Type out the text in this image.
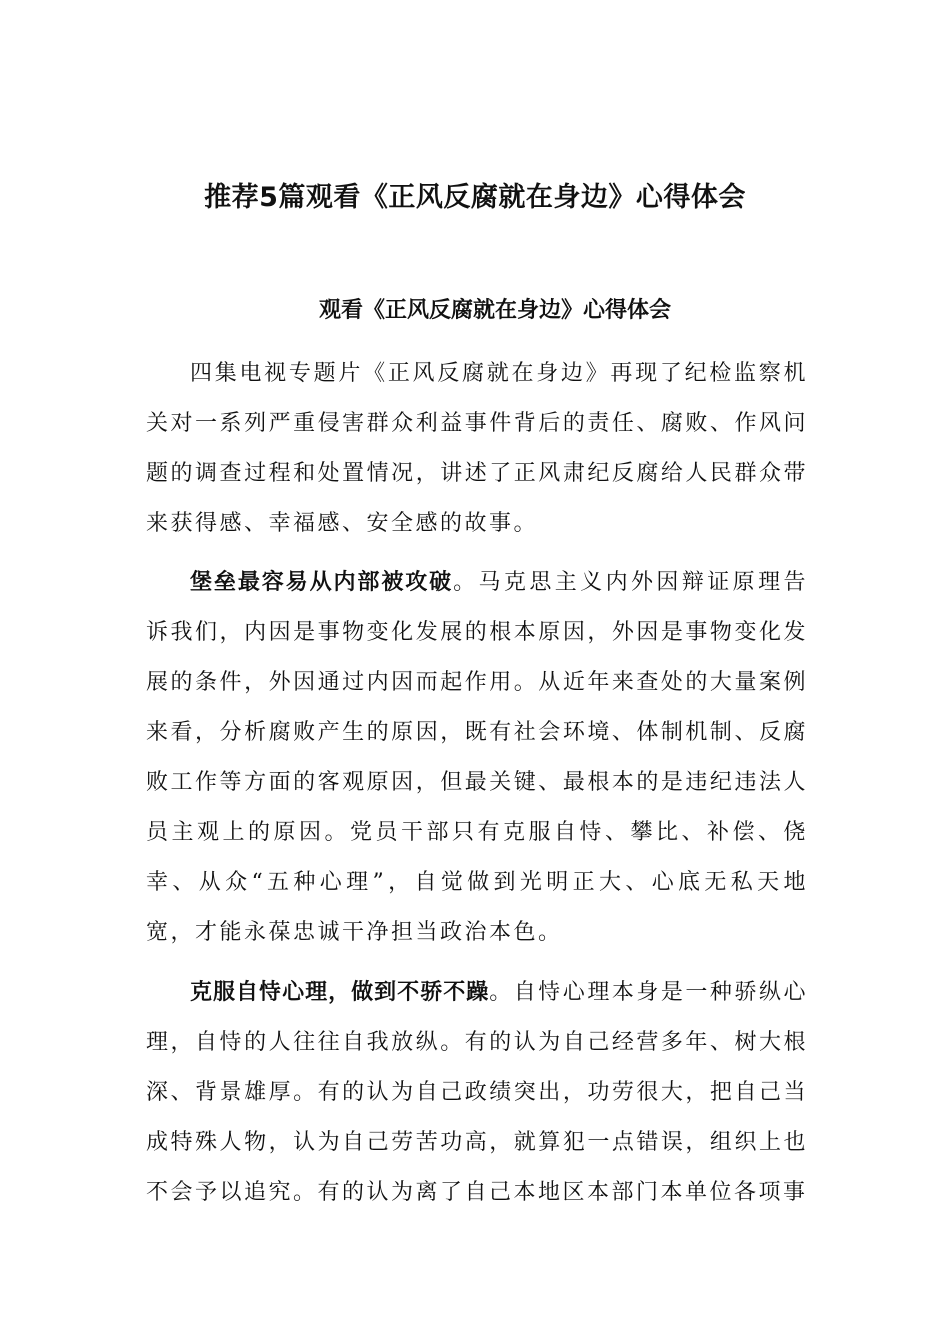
推荐5篇观看《正风反腐就在身边》心得体会
观看《正风反腐就在身边》心得体会

四集电视专题片《正风反腐就在身边》再现了纪检监察机关对一系列严重侵害群众利益事件背后的责任、腐败、作风问题的调查过程和处置情况，讲述了正风肃纪反腐给人民群众带来获得感、幸福感、安全感的故事。

堡垒最容易从内部被攻破。马克思主义内外因辩证原理告诉我们，内因是事物变化发展的根本原因，外因是事物变化发展的条件，外因通过内因而起作用。从近年来查处的大量案例来看，分析腐败产生的原因，既有社会环境、体制机制、反腐败工作等方面的客观原因，但最关键、最根本的是违纪违法人员主观上的原因。党员干部只有克服自恃、攀比、补偿、侥幸、从众“五种心理”，自觉做到光明正大、心底无私天地宽，才能永葆忠诚干净担当政治本色。

克服自恃心理，做到不骄不躁。自恃心理本身是一种骄纵心理，自恃的人往往自我放纵。有的认为自己经营多年、树大根深、背景雄厚。有的认为自己政绩突出，功劳很大，把自己当成特殊人物，认为自己劳苦功高，就算犯一点错误，组织上也不会予以追究。有的认为离了自己本地区本部门本单位各项事
